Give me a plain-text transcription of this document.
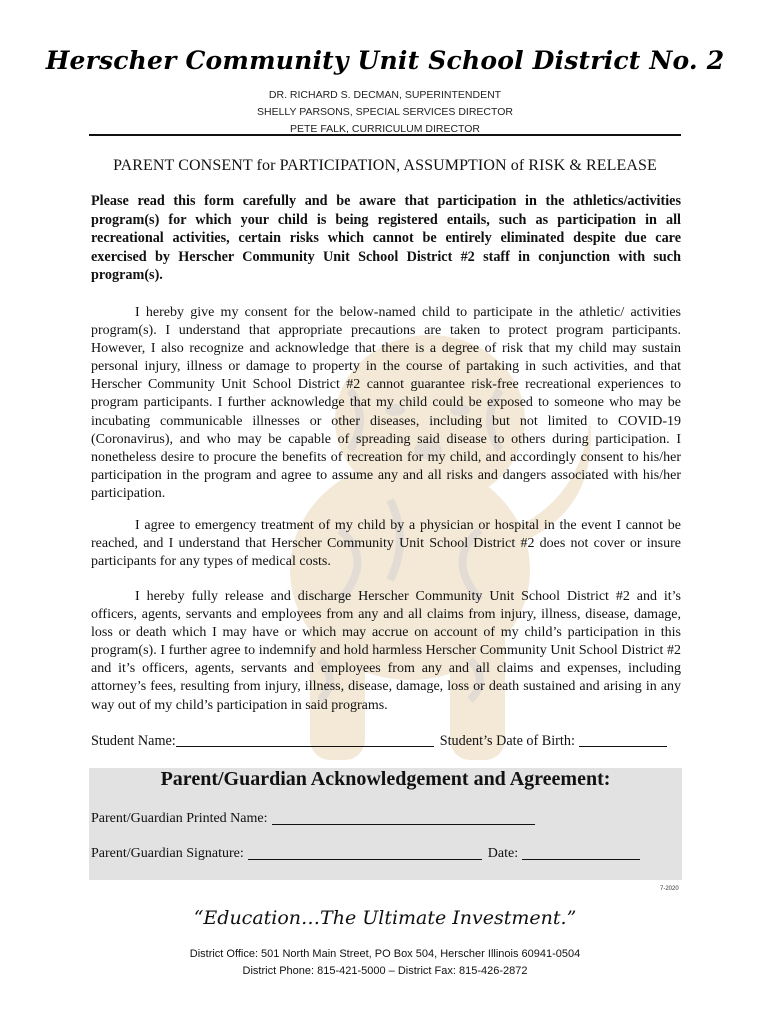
Herscher Community Unit School District No. 2
DR. RICHARD S. DECMAN, SUPERINTENDENT
SHELLY PARSONS, SPECIAL SERVICES DIRECTOR
PETE FALK, CURRICULUM DIRECTOR
PARENT CONSENT for PARTICIPATION, ASSUMPTION of RISK & RELEASE
Please read this form carefully and be aware that participation in the athletics/activities program(s) for which your child is being registered entails, such as participation in all recreational activities, certain risks which cannot be entirely eliminated despite due care exercised by Herscher Community Unit School District #2 staff in conjunction with such program(s).
I hereby give my consent for the below-named child to participate in the athletic/ activities program(s). I understand that appropriate precautions are taken to protect program participants. However, I also recognize and acknowledge that there is a degree of risk that my child may sustain personal injury, illness or damage to property in the course of partaking in such activities, and that Herscher Community Unit School District #2 cannot guarantee risk-free recreational experiences to program participants. I further acknowledge that my child could be exposed to someone who may be incubating communicable illnesses or other diseases, including but not limited to COVID-19 (Coronavirus), and who may be capable of spreading said disease to others during participation. I nonetheless desire to procure the benefits of recreation for my child, and accordingly consent to his/her participation in the program and agree to assume any and all risks and dangers associated with his/her participation.
I agree to emergency treatment of my child by a physician or hospital in the event I cannot be reached, and I understand that Herscher Community Unit School District #2 does not cover or insure participants for any types of medical costs.
I hereby fully release and discharge Herscher Community Unit School District #2 and it’s officers, agents, servants and employees from any and all claims from injury, illness, disease, damage, loss or death which I may have or which may accrue on account of my child’s participation in this program(s). I further agree to indemnify and hold harmless Herscher Community Unit School District #2 and it’s officers, agents, servants and employees from any and all claims and expenses, including attorney’s fees, resulting from injury, illness, disease, damage, loss or death sustained and arising in any way out of my child’s participation in said programs.
Student Name:	Student’s Date of Birth:
Parent/Guardian Acknowledgement and Agreement:
Parent/Guardian Printed Name:
Parent/Guardian Signature:	Date:
7-2020
“Education…The Ultimate Investment.”
District Office: 501 North Main Street, PO Box 504, Herscher Illinois 60941-0504
District Phone: 815-421-5000 – District Fax: 815-426-2872
